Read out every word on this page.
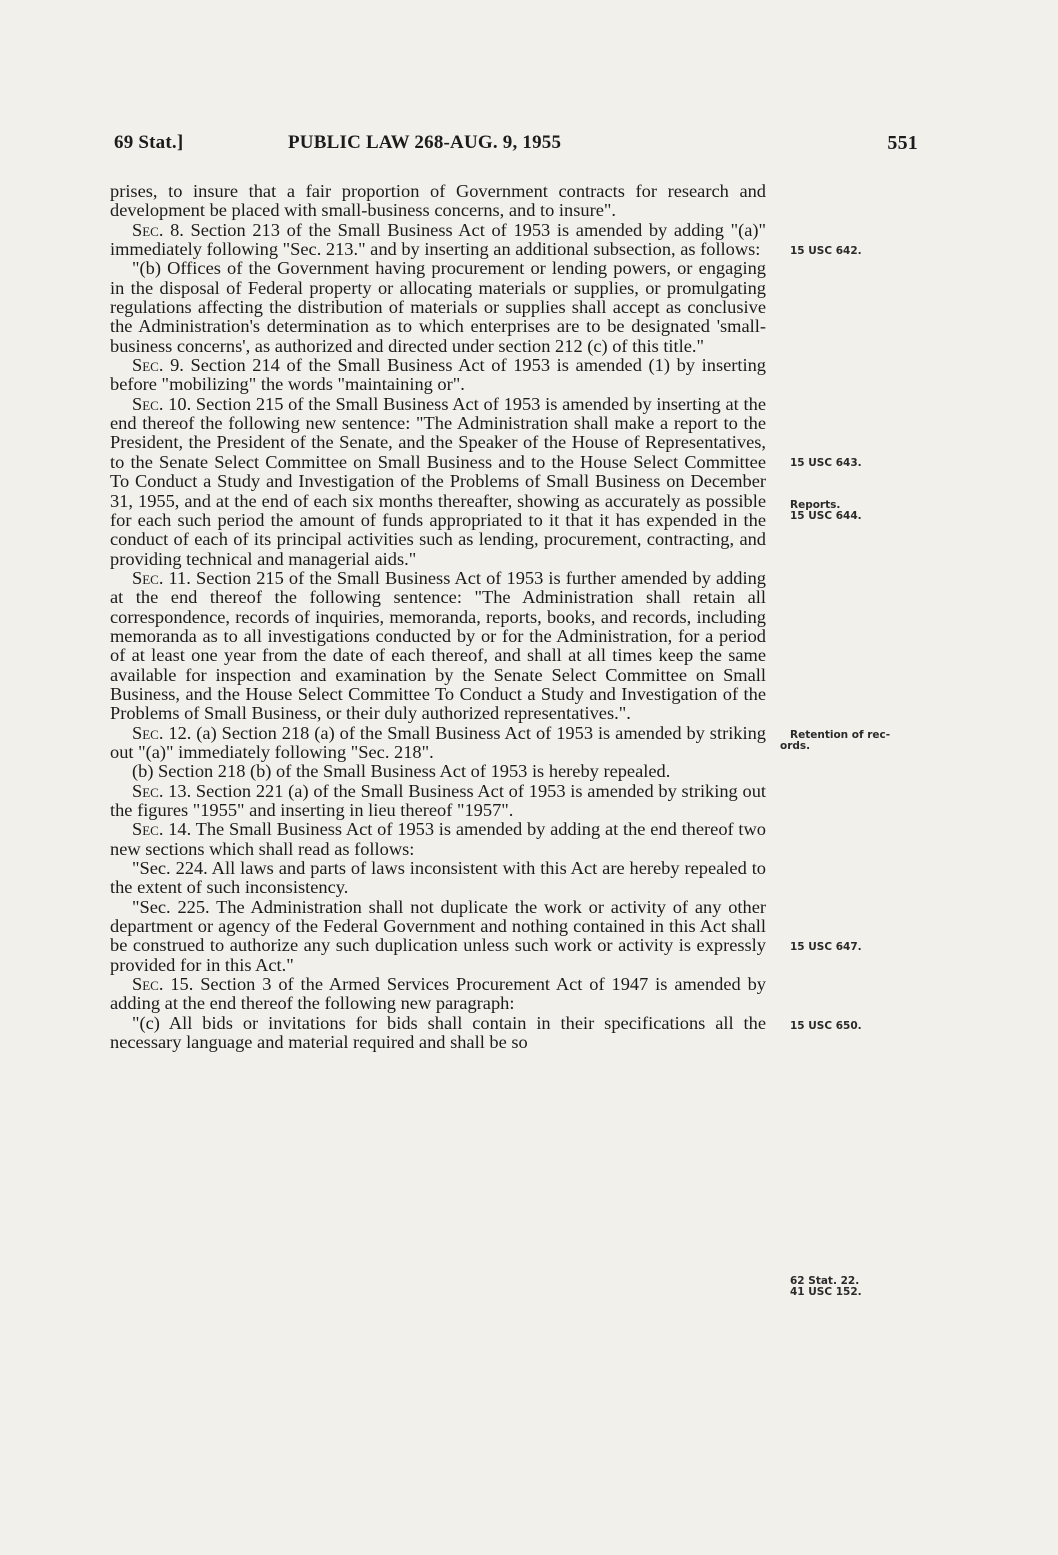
69 Stat.]	PUBLIC LAW 268-AUG. 9, 1955	551

prises, to insure that a fair proportion of Government contracts for research and development be placed with small-business concerns, and to insure".

Sec. 8. Section 213 of the Small Business Act of 1953 is amended by adding "(a)" immediately following "Sec. 213." and by inserting an additional subsection, as follows:

"(b) Offices of the Government having procurement or lending powers, or engaging in the disposal of Federal property or allocating materials or supplies, or promulgating regulations affecting the distribution of materials or supplies shall accept as conclusive the Administration's determination as to which enterprises are to be designated 'small-business concerns', as authorized and directed under section 212 (c) of this title."

Sec. 9. Section 214 of the Small Business Act of 1953 is amended (1) by inserting before "mobilizing" the words "maintaining or".

Sec. 10. Section 215 of the Small Business Act of 1953 is amended by inserting at the end thereof the following new sentence: "The Administration shall make a report to the President, the President of the Senate, and the Speaker of the House of Representatives, to the Senate Select Committee on Small Business and to the House Select Committee To Conduct a Study and Investigation of the Problems of Small Business on December 31, 1955, and at the end of each six months thereafter, showing as accurately as possible for each such period the amount of funds appropriated to it that it has expended in the conduct of each of its principal activities such as lending, procurement, contracting, and providing technical and managerial aids."

Sec. 11. Section 215 of the Small Business Act of 1953 is further amended by adding at the end thereof the following sentence: "The Administration shall retain all correspondence, records of inquiries, memoranda, reports, books, and records, including memoranda as to all investigations conducted by or for the Administration, for a period of at least one year from the date of each thereof, and shall at all times keep the same available for inspection and examination by the Senate Select Committee on Small Business, and the House Select Committee To Conduct a Study and Investigation of the Problems of Small Business, or their duly authorized representatives.".

Sec. 12. (a) Section 218 (a) of the Small Business Act of 1953 is amended by striking out "(a)" immediately following "Sec. 218".

(b) Section 218 (b) of the Small Business Act of 1953 is hereby repealed.

Sec. 13. Section 221 (a) of the Small Business Act of 1953 is amended by striking out the figures "1955" and inserting in lieu thereof "1957".

Sec. 14. The Small Business Act of 1953 is amended by adding at the end thereof two new sections which shall read as follows:

"Sec. 224. All laws and parts of laws inconsistent with this Act are hereby repealed to the extent of such inconsistency.

"Sec. 225. The Administration shall not duplicate the work or activity of any other department or agency of the Federal Government and nothing contained in this Act shall be construed to authorize any such duplication unless such work or activity is expressly provided for in this Act."

Sec. 15. Section 3 of the Armed Services Procurement Act of 1947 is amended by adding at the end thereof the following new paragraph:

"(c) All bids or invitations for bids shall contain in their specifications all the necessary language and material required and shall be so

15 USC 642.
15 USC 643.
Reports.
15 USC 644.
Retention of rec-
ords.
15 USC 647.
15 USC 650.
62 Stat. 22.
41 USC 152.
